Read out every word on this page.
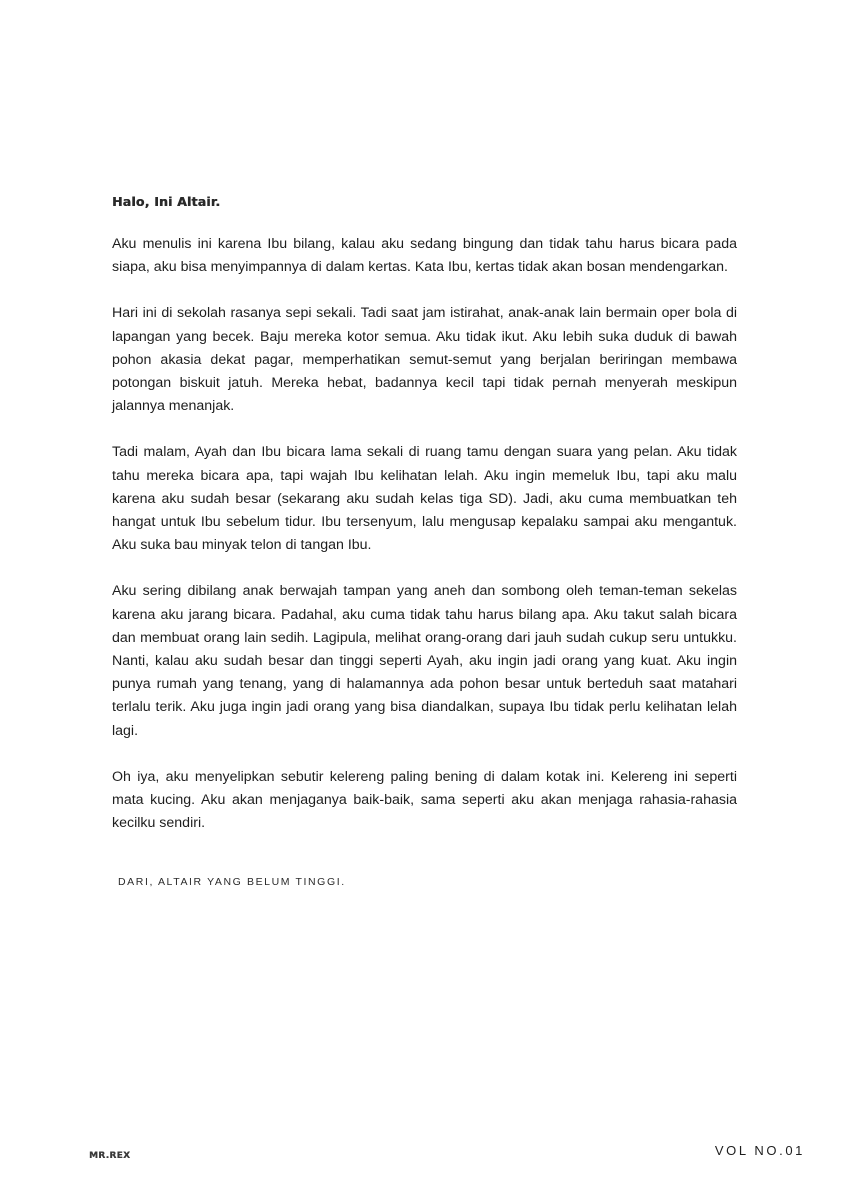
Halo, Ini Altair.

Aku menulis ini karena Ibu bilang, kalau aku sedang bingung dan tidak tahu harus bicara pada siapa, aku bisa menyimpannya di dalam kertas. Kata Ibu, kertas tidak akan bosan mendengarkan.

Hari ini di sekolah rasanya sepi sekali. Tadi saat jam istirahat, anak-anak lain bermain oper bola di lapangan yang becek. Baju mereka kotor semua. Aku tidak ikut. Aku lebih suka duduk di bawah pohon akasia dekat pagar, memperhatikan semut-semut yang berjalan beriringan membawa potongan biskuit jatuh. Mereka hebat, badannya kecil tapi tidak pernah menyerah meskipun jalannya menanjak.

Tadi malam, Ayah dan Ibu bicara lama sekali di ruang tamu dengan suara yang pelan. Aku tidak tahu mereka bicara apa, tapi wajah Ibu kelihatan lelah. Aku ingin memeluk Ibu, tapi aku malu karena aku sudah besar (sekarang aku sudah kelas tiga SD). Jadi, aku cuma membuatkan teh hangat untuk Ibu sebelum tidur. Ibu tersenyum, lalu mengusap kepalaku sampai aku mengantuk. Aku suka bau minyak telon di tangan Ibu.

Aku sering dibilang anak berwajah tampan yang aneh dan sombong oleh teman-teman sekelas karena aku jarang bicara. Padahal, aku cuma tidak tahu harus bilang apa. Aku takut salah bicara dan membuat orang lain sedih. Lagipula, melihat orang-orang dari jauh sudah cukup seru untukku. Nanti, kalau aku sudah besar dan tinggi seperti Ayah, aku ingin jadi orang yang kuat. Aku ingin punya rumah yang tenang, yang di halamannya ada pohon besar untuk berteduh saat matahari terlalu terik. Aku juga ingin jadi orang yang bisa diandalkan, supaya Ibu tidak perlu kelihatan lelah lagi.

Oh iya, aku menyelipkan sebutir kelereng paling bening di dalam kotak ini. Kelereng ini seperti mata kucing. Aku akan menjaganya baik-baik, sama seperti aku akan menjaga rahasia-rahasia kecilku sendiri.

DARI, ALTAIR YANG BELUM TINGGI.

MR.REX	VOL NO.01
